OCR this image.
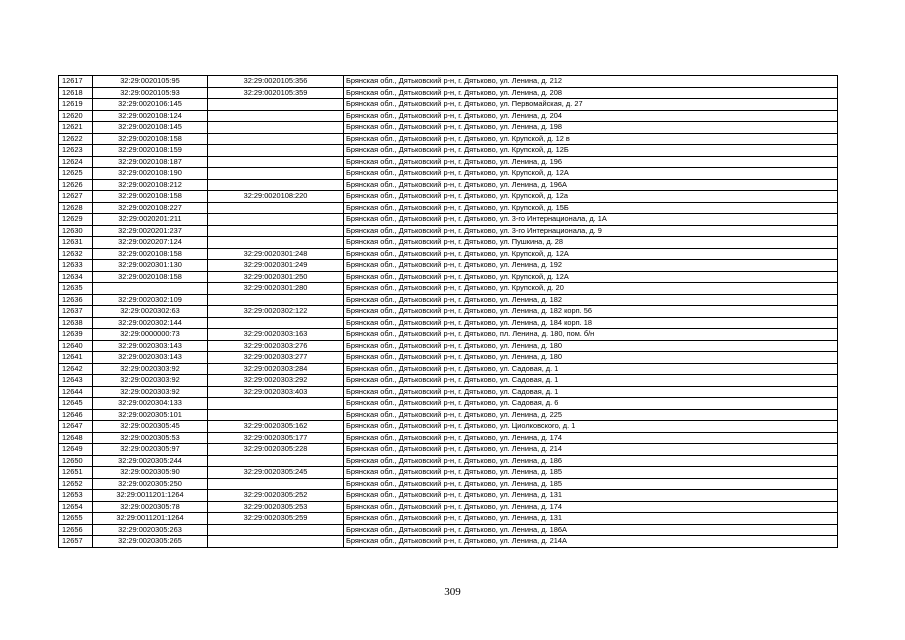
12617	32:29:0020105:95	32:29:0020105:356	Брянская обл., Дятьковский р-н, г. Дятьково, ул. Ленина, д. 212
12618	32:29:0020105:93	32:29:0020105:359	Брянская обл., Дятьковский р-н, г. Дятьково, ул. Ленина, д. 208
12619	32:29:0020106:145		Брянская обл., Дятьковский р-н, г. Дятьково, ул. Первомайская, д. 27
12620	32:29:0020108:124		Брянская обл., Дятьковский р-н, г. Дятьково, ул. Ленина, д. 204
12621	32:29:0020108:145		Брянская обл., Дятьковский р-н, г. Дятьково, ул. Ленина, д. 198
12622	32:29:0020108:158		Брянская обл., Дятьковский р-н, г. Дятьково, ул. Крупской, д. 12 в
12623	32:29:0020108:159		Брянская обл., Дятьковский р-н, г. Дятьково, ул. Крупской, д. 12Б
12624	32:29:0020108:187		Брянская обл., Дятьковский р-н, г. Дятьково, ул. Ленина, д. 196
12625	32:29:0020108:190		Брянская обл., Дятьковский р-н, г. Дятьково, ул. Крупской, д. 12А
12626	32:29:0020108:212		Брянская обл., Дятьковский р-н, г. Дятьково, ул. Ленина, д. 196А
12627	32:29:0020108:158	32:29:0020108:220	Брянская обл., Дятьковский р-н, г. Дятьково, ул. Крупской, д. 12а
12628	32:29:0020108:227		Брянская обл., Дятьковский р-н, г. Дятьково, ул. Крупской, д. 15Б
12629	32:29:0020201:211		Брянская обл., Дятьковский р-н, г. Дятьково, ул. 3-го Интернационала, д. 1А
12630	32:29:0020201:237		Брянская обл., Дятьковский р-н, г. Дятьково, ул. 3-го Интернационала, д. 9
12631	32:29:0020207:124		Брянская обл., Дятьковский р-н, г. Дятьково, ул. Пушкина, д. 28
12632	32:29:0020108:158	32:29:0020301:248	Брянская обл., Дятьковский р-н, г. Дятьково, ул. Крупской, д. 12А
12633	32:29:0020301:130	32:29:0020301:249	Брянская обл., Дятьковский р-н, г. Дятьково, ул. Ленина, д. 192
12634	32:29:0020108:158	32:29:0020301:250	Брянская обл., Дятьковский р-н, г. Дятьково, ул. Крупской, д. 12А
12635		32:29:0020301:280	Брянская обл., Дятьковский р-н, г. Дятьково, ул. Крупской, д. 20
12636	32:29:0020302:109		Брянская обл., Дятьковский р-н, г. Дятьково, ул. Ленина, д. 182
12637	32:29:0020302:63	32:29:0020302:122	Брянская обл., Дятьковский р-н, г. Дятьково, ул. Ленина, д. 182 корп. 56
12638	32:29:0020302:144		Брянская обл., Дятьковский р-н, г. Дятьково, ул. Ленина, д. 184 корп. 18
12639	32:29:0000000:73	32:29:0020303:163	Брянская обл., Дятьковский р-н, г. Дятьково, пл. Ленина, д. 180, пом. б/н
12640	32:29:0020303:143	32:29:0020303:276	Брянская обл., Дятьковский р-н, г. Дятьково, ул. Ленина, д. 180
12641	32:29:0020303:143	32:29:0020303:277	Брянская обл., Дятьковский р-н, г. Дятьково, ул. Ленина, д. 180
12642	32:29:0020303:92	32:29:0020303:284	Брянская обл., Дятьковский р-н, г. Дятьково, ул. Садовая, д. 1
12643	32:29:0020303:92	32:29:0020303:292	Брянская обл., Дятьковский р-н, г. Дятьково, ул. Садовая, д. 1
12644	32:29:0020303:92	32:29:0020303:403	Брянская обл., Дятьковский р-н, г. Дятьково, ул. Садовая, д. 1
12645	32:29:0020304:133		Брянская обл., Дятьковский р-н, г. Дятьково, ул. Садовая, д. 6
12646	32:29:0020305:101		Брянская обл., Дятьковский р-н, г. Дятьково, ул. Ленина, д. 225
12647	32:29:0020305:45	32:29:0020305:162	Брянская обл., Дятьковский р-н, г. Дятьково, ул. Циолковского, д. 1
12648	32:29:0020305:53	32:29:0020305:177	Брянская обл., Дятьковский р-н, г. Дятьково, ул. Ленина, д. 174
12649	32:29:0020305:97	32:29:0020305:228	Брянская обл., Дятьковский р-н, г. Дятьково, ул. Ленина, д. 214
12650	32:29:0020305:244		Брянская обл., Дятьковский р-н, г. Дятьково, ул. Ленина, д. 186
12651	32:29:0020305:90	32:29:0020305:245	Брянская обл., Дятьковский р-н, г. Дятьково, ул. Ленина, д. 185
12652	32:29:0020305:250		Брянская обл., Дятьковский р-н, г. Дятьково, ул. Ленина, д. 185
12653	32:29:0011201:1264	32:29:0020305:252	Брянская обл., Дятьковский р-н, г. Дятьково, ул. Ленина, д. 131
12654	32:29:0020305:78	32:29:0020305:253	Брянская обл., Дятьковский р-н, г. Дятьково, ул. Ленина, д. 174
12655	32:29:0011201:1264	32:29:0020305:259	Брянская обл., Дятьковский р-н, г. Дятьково, ул. Ленина, д. 131
12656	32:29:0020305:263		Брянская обл., Дятьковский р-н, г. Дятьково, ул. Ленина, д. 186А
12657	32:29:0020305:265		Брянская обл., Дятьковский р-н, г. Дятьково, ул. Ленина, д. 214А
309
